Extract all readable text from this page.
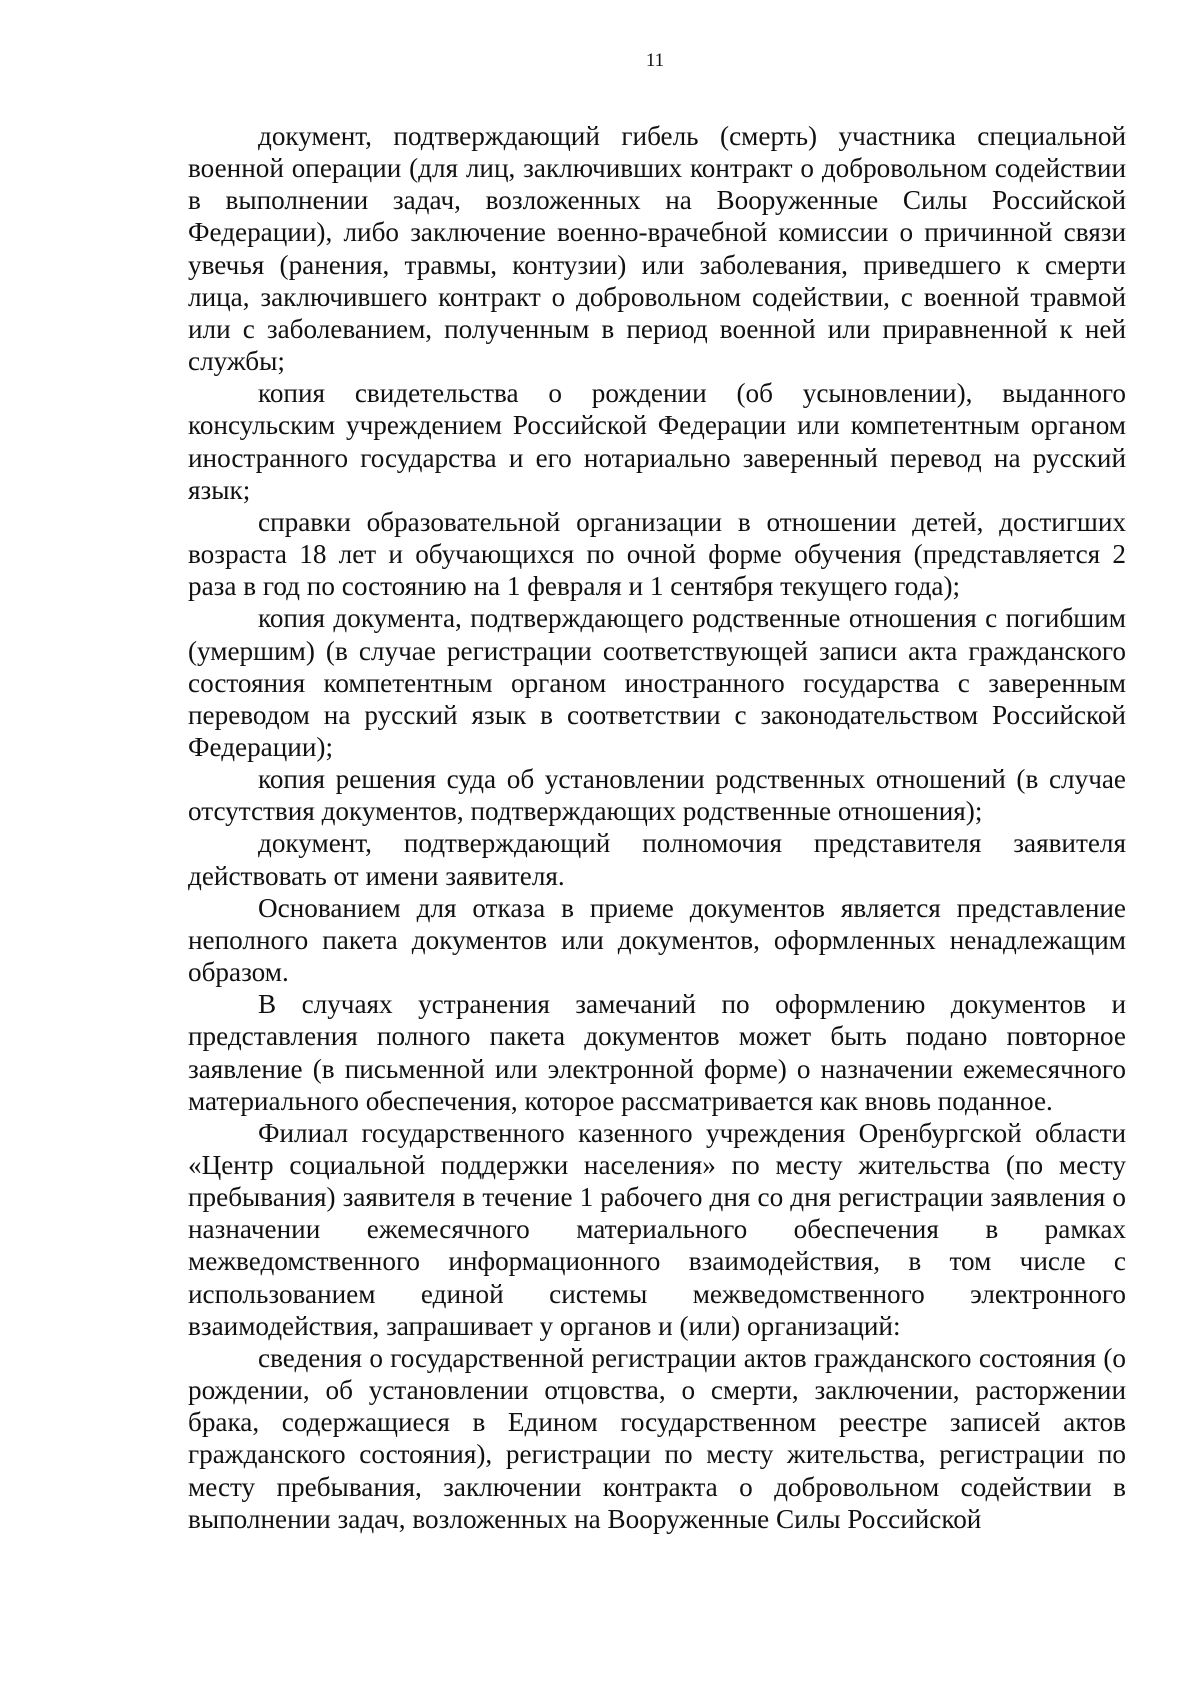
11

документ, подтверждающий гибель (смерть) участника специальной военной операции (для лиц, заключивших контракт о добровольном содействии в выполнении задач, возложенных на Вооруженные Силы Российской Федерации), либо заключение военно-врачебной комиссии о причинной связи увечья (ранения, травмы, контузии) или заболевания, приведшего к смерти лица, заключившего контракт о добровольном содействии, с военной травмой или с заболеванием, полученным в период военной или приравненной к ней службы;

копия свидетельства о рождении (об усыновлении), выданного консульским учреждением Российской Федерации или компетентным органом иностранного государства и его нотариально заверенный перевод на русский язык;

справки образовательной организации в отношении детей, достигших возраста 18 лет и обучающихся по очной форме обучения (представляется 2 раза в год по состоянию на 1 февраля и 1 сентября текущего года);

копия документа, подтверждающего родственные отношения с погибшим (умершим) (в случае регистрации соответствующей записи акта гражданского состояния компетентным органом иностранного государства с заверенным переводом на русский язык в соответствии с законодательством Российской Федерации);

копия решения суда об установлении родственных отношений (в случае отсутствия документов, подтверждающих родственные отношения);

документ, подтверждающий полномочия представителя заявителя действовать от имени заявителя.

Основанием для отказа в приеме документов является представление неполного пакета документов или документов, оформленных ненадлежащим образом.

В случаях устранения замечаний по оформлению документов и представления полного пакета документов может быть подано повторное заявление (в письменной или электронной форме) о назначении ежемесячного материального обеспечения, которое рассматривается как вновь поданное.

Филиал государственного казенного учреждения Оренбургской области «Центр социальной поддержки населения» по месту жительства (по месту пребывания) заявителя в течение 1 рабочего дня со дня регистрации заявления о назначении ежемесячного материального обеспечения в рамках межведомственного информационного взаимодействия, в том числе с использованием единой системы межведомственного электронного взаимодействия, запрашивает у органов и (или) организаций:

сведения о государственной регистрации актов гражданского состояния (о рождении, об установлении отцовства, о смерти, заключении, расторжении брака, содержащиеся в Едином государственном реестре записей актов гражданского состояния), регистрации по месту жительства, регистрации по месту пребывания, заключении контракта о добровольном содействии в выполнении задач, возложенных на Вооруженные Силы Российской
